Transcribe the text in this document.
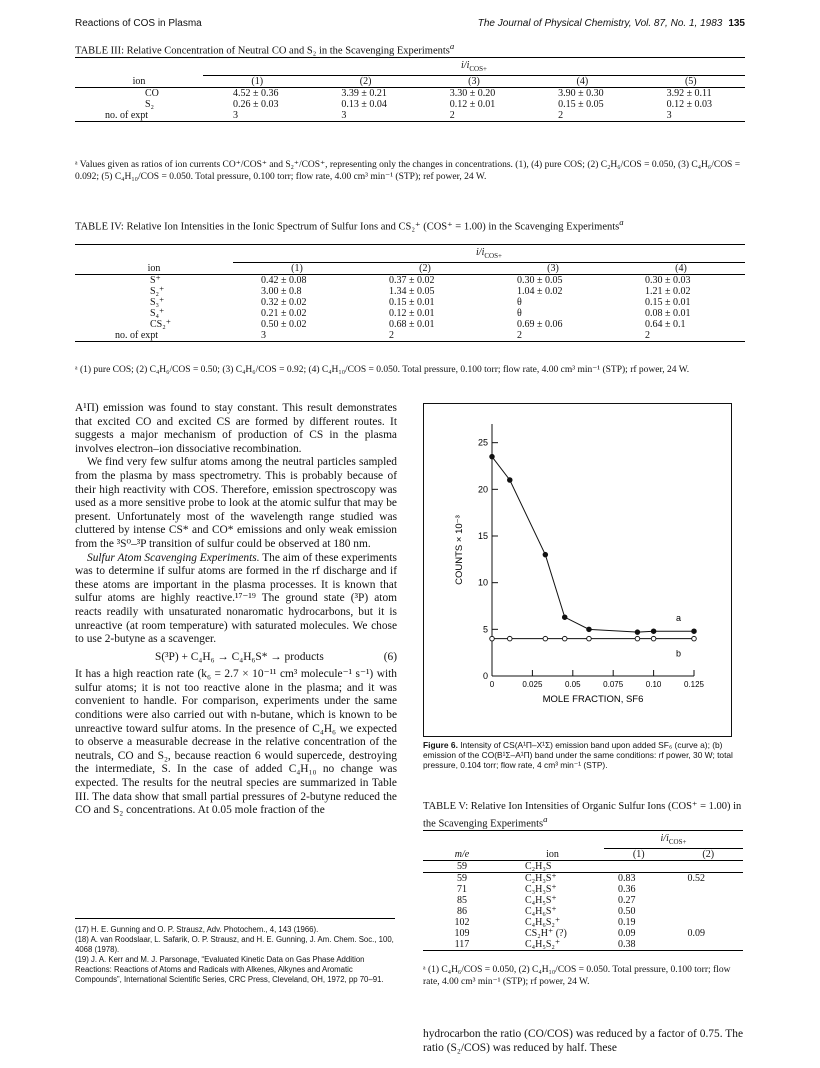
Reactions of COS in Plasma	The Journal of Physical Chemistry, Vol. 87, No. 1, 1983 135
TABLE III: Relative Concentration of Neutral CO and S₂ in the Scavenging Experiments$^a$
	$i/i_{COS+}$
ion	(1)	(2)	(3)	(4)	(5)
CO	4.52 ± 0.36	3.39 ± 0.21	3.30 ± 0.20	3.90 ± 0.30	3.92 ± 0.11
S₂	0.26 ± 0.03	0.13 ± 0.04	0.12 ± 0.01	0.15 ± 0.05	0.12 ± 0.03
no. of expt	3	3	2	2	3
ᵃ Values given as ratios of ion currents CO⁺/COS⁺ and S₂⁺/COS⁺, representing only the changes in concentrations. (1), (4) pure COS; (2) C₂H₆/COS = 0.050, (3) C₄H₆/COS = 0.092; (5) C₄H₁₀/COS = 0.050. Total pressure, 0.100 torr; flow rate, 4.00 cm³ min⁻¹ (STP); ref power, 24 W.
TABLE IV: Relative Ion Intensities in the Ionic Spectrum of Sulfur Ions and CS₂⁺ (COS⁺ = 1.00) in the Scavenging Experiments$^a$
	$i/i_{COS+}$
ion	(1)	(2)	(3)	(4)
S⁺	0.42 ± 0.08	0.37 ± 0.02	0.30 ± 0.05	0.30 ± 0.03
S₂⁺	3.00 ± 0.8	1.34 ± 0.05	1.04 ± 0.02	1.21 ± 0.02
S₃⁺	0.32 ± 0.02	0.15 ± 0.01	θ	0.15 ± 0.01
S₄⁺	0.21 ± 0.02	0.12 ± 0.01	θ	0.08 ± 0.01
CS₂⁺	0.50 ± 0.02	0.68 ± 0.01	0.69 ± 0.06	0.64 ± 0.1
no. of expt	3	2	2	2
ᵃ (1) pure COS; (2) C₄H₆/COS = 0.50; (3) C₄H₆/COS = 0.92; (4) C₄H₁₀/COS = 0.050. Total pressure, 0.100 torr; flow rate, 4.00 cm³ min⁻¹ (STP); rf power, 24 W.

A¹Π) emission was found to stay constant. This result demonstrates that excited CO and excited CS are formed by different routes. It suggests a major mechanism of production of CS in the plasma involves electron–ion dissociative recombination.

We find very few sulfur atoms among the neutral particles sampled from the plasma by mass spectrometry. This is probably because of their high reactivity with COS. Therefore, emission spectroscopy was used as a more sensitive probe to look at the atomic sulfur that may be present. Unfortunately most of the wavelength range studied was cluttered by intense CS* and CO* emissions and only weak emission from the ³S⁰–³P transition of sulfur could be observed at 180 nm.

Sulfur Atom Scavenging Experiments. The aim of these experiments was to determine if sulfur atoms are formed in the rf discharge and if these atoms are important in the plasma processes. It is known that sulfur atoms are highly reactive.¹⁷⁻¹⁹ The ground state (³P) atom reacts readily with unsaturated nonaromatic hydrocarbons, but it is unreactive (at room temperature) with saturated molecules. We chose to use 2-butyne as a scavenger.

S(³P) + C₄H₆ → C₄H₆S* → products	(6)

It has a high reaction rate (k₆ = 2.7 × 10⁻¹¹ cm³ molecule⁻¹ s⁻¹) with sulfur atoms; it is not too reactive alone in the plasma; and it was convenient to handle. For comparison, experiments under the same conditions were also carried out with n-butane, which is known to be unreactive toward sulfur atoms. In the presence of C₄H₆ we expected to observe a measurable decrease in the relative concentration of the neutrals, CO and S₂, because reaction 6 would supercede, destroying the intermediate, S. In the case of added C₄H₁₀ no change was expected. The results for the neutral species are summarized in Table III. The data show that small partial pressures of 2-butyne reduced the CO and S₂ concentrations. At 0.05 mole fraction of the

(17) H. E. Gunning and O. P. Strausz, Adv. Photochem., 4, 143 (1966).
(18) A. van Roodslaar, L. Safarik, O. P. Strausz, and H. E. Gunning, J. Am. Chem. Soc., 100, 4068 (1978).
(19) J. A. Kerr and M. J. Parsonage, “Evaluated Kinetic Data on Gas Phase Addition Reactions: Reactions of Atoms and Radicals with Alkenes, Alkynes and Aromatic Compounds”, International Scientific Series, CRC Press, Cleveland, OH, 1972, pp 70–91.
0
5
10
15
20
25
0	0.025	0.05	0.075	0.10	0.125
MOLE FRACTION, SF6
COUNTS × 10⁻³
a
b
Figure 6. Intensity of CS(A¹Π–X¹Σ) emission band upon added SF₆ (curve a); (b) emission of the CO(B¹Σ–A¹Π) band under the same conditions: rf power, 30 W; total pressure, 0.104 torr; flow rate, 4 cm³ min⁻¹ (STP).
TABLE V: Relative Ion Intensities of Organic Sulfur Ions (COS⁺ = 1.00) in the Scavenging Experiments$^a$
		$i/i_{COS+}$
m/e	ion	(1)	(2)
59	C₂H₃S		
59	C₂H₃S⁺	0.83	0.52
71	C₃H₃S⁺	0.36	
85	C₄H₅S⁺	0.27	
86	C₄H₆S⁺	0.50	
102	C₄H₆S₂⁺	0.19	
109	CS₂H⁺ (?)	0.09	0.09
117	C₄H₅S₂⁺	0.38	
ᵃ (1) C₄H₆/COS = 0.050, (2) C₄H₁₀/COS = 0.050. Total pressure, 0.100 torr; flow rate, 4.00 cm³ min⁻¹ (STP); rf power, 24 W.

hydrocarbon the ratio (CO/COS) was reduced by a factor of 0.75. The ratio (S₂/COS) was reduced by half. These
